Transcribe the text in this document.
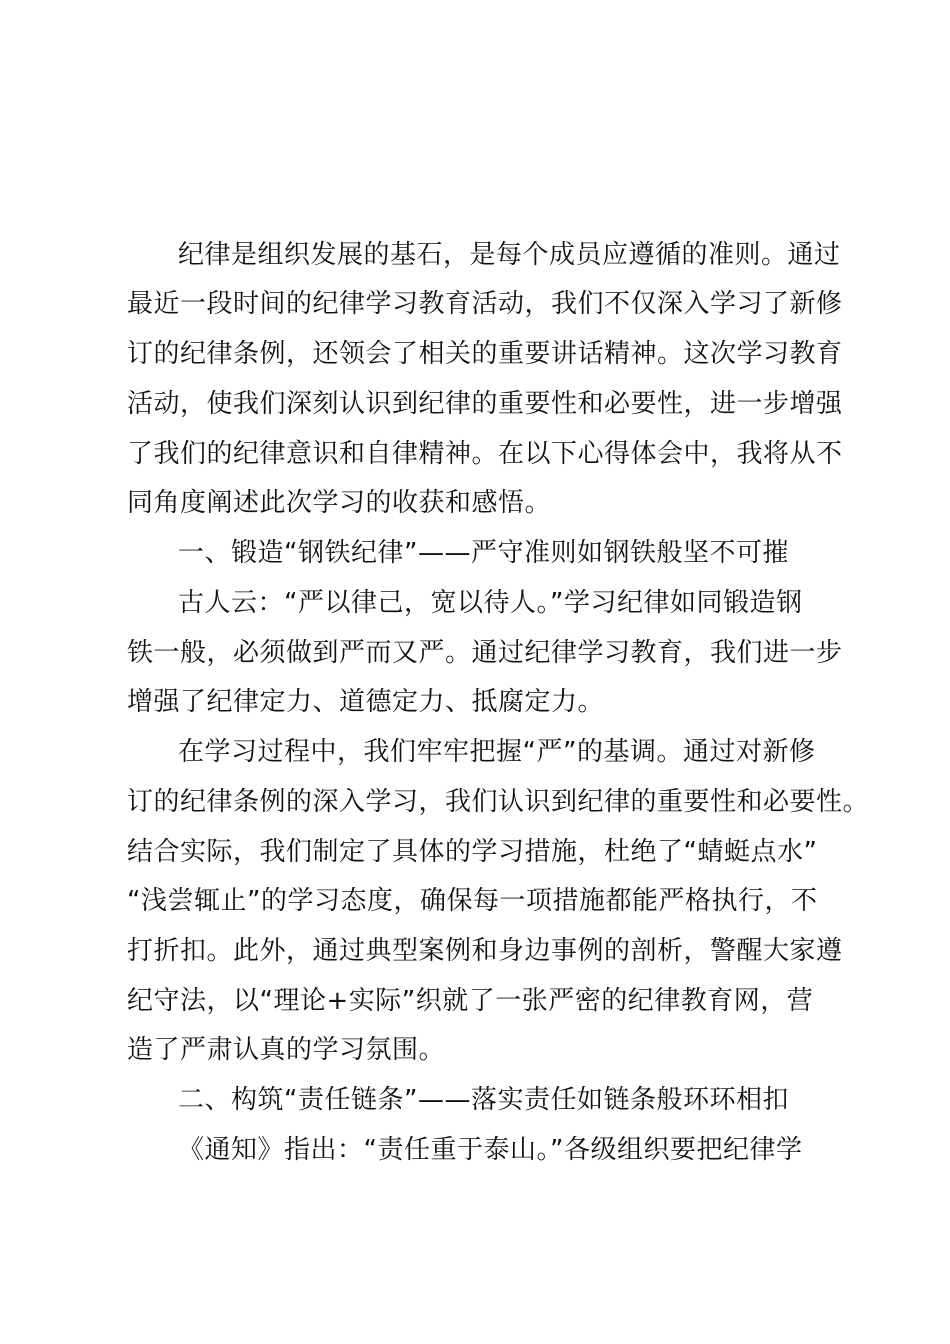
纪律是组织发展的基石，是每个成员应遵循的准则。通过
最近一段时间的纪律学习教育活动，我们不仅深入学习了新修
订的纪律条例，还领会了相关的重要讲话精神。这次学习教育
活动，使我们深刻认识到纪律的重要性和必要性，进一步增强
了我们的纪律意识和自律精神。在以下心得体会中，我将从不
同角度阐述此次学习的收获和感悟。
一、锻造“钢铁纪律”——严守准则如钢铁般坚不可摧
古人云：“严以律己，宽以待人。”学习纪律如同锻造钢
铁一般，必须做到严而又严。通过纪律学习教育，我们进一步
增强了纪律定力、道德定力、抵腐定力。
在学习过程中，我们牢牢把握“严”的基调。通过对新修
订的纪律条例的深入学习，我们认识到纪律的重要性和必要性。
结合实际，我们制定了具体的学习措施，杜绝了“蜻蜓点水”
“浅尝辄止”的学习态度，确保每一项措施都能严格执行，不
打折扣。此外，通过典型案例和身边事例的剖析，警醒大家遵
纪守法，以“理论+实际”织就了一张严密的纪律教育网，营
造了严肃认真的学习氛围。
二、构筑“责任链条”——落实责任如链条般环环相扣
《通知》指出：“责任重于泰山。”各级组织要把纪律学
